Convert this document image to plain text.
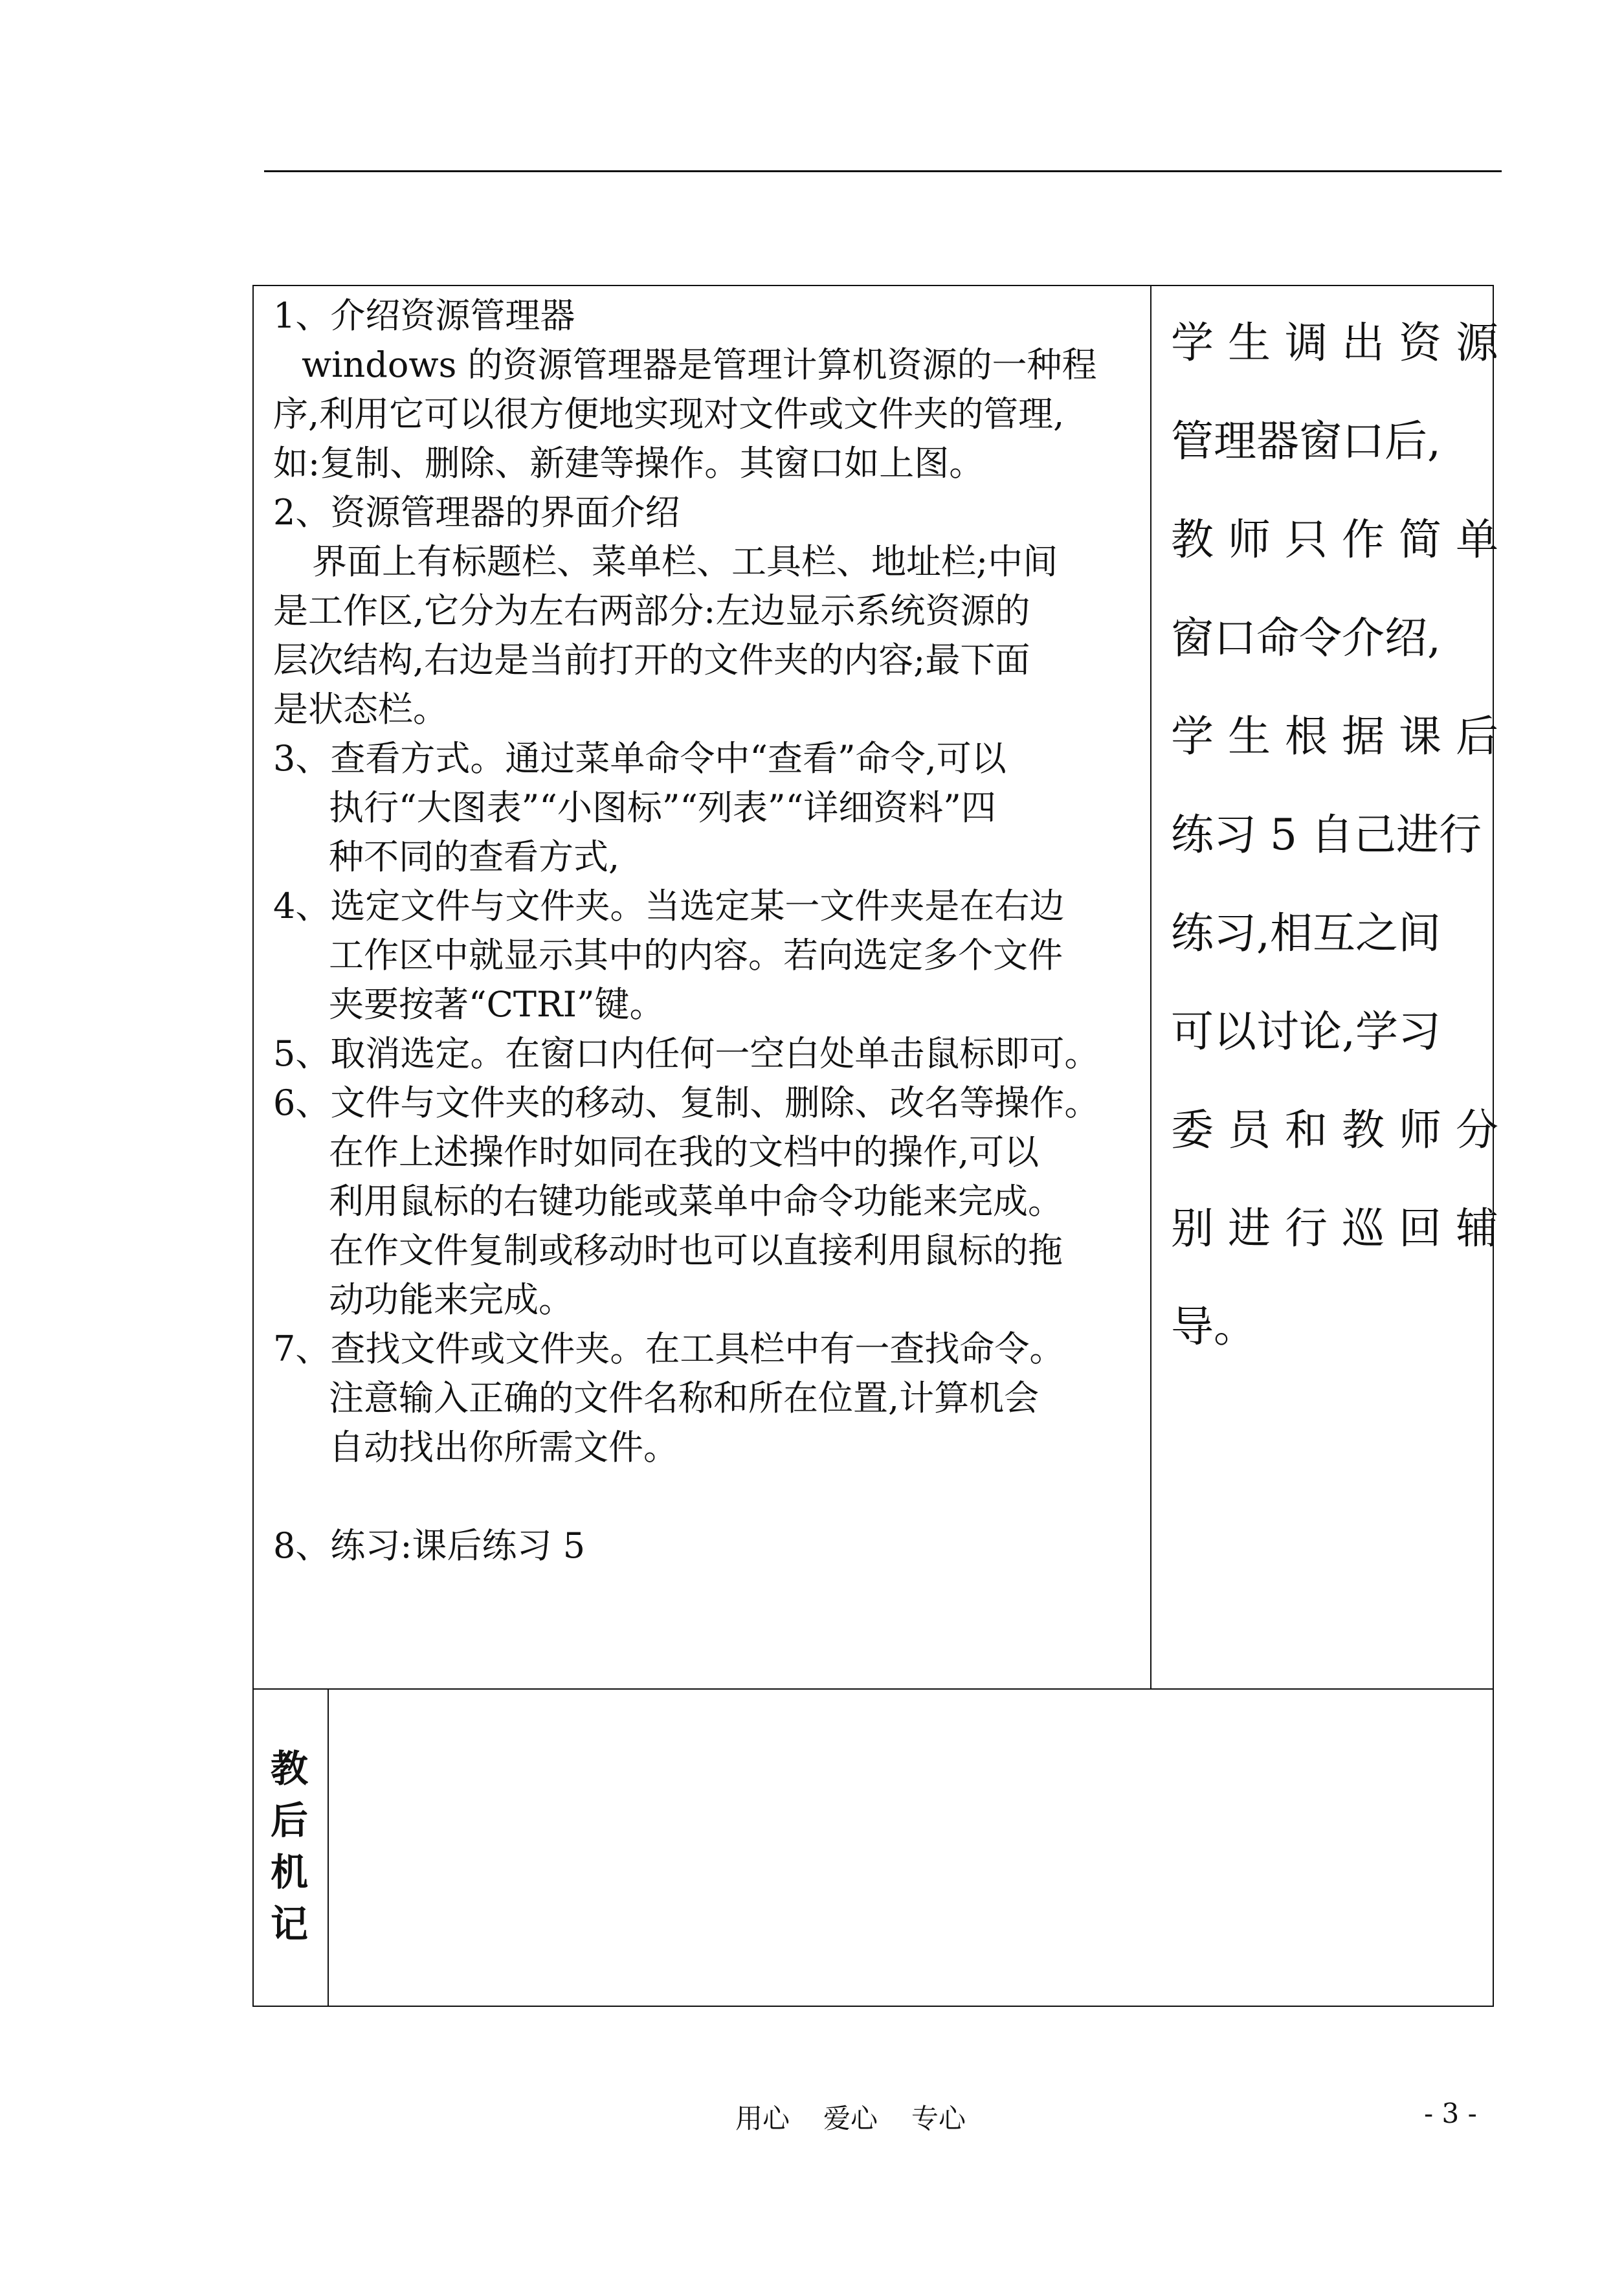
1、介绍资源管理器
windows 的资源管理器是管理计算机资源的一种程
序,利用它可以很方便地实现对文件或文件夹的管理,
如:复制、删除、新建等操作。其窗口如上图。
2、资源管理器的界面介绍
界面上有标题栏、菜单栏、工具栏、地址栏;中间
是工作区,它分为左右两部分:左边显示系统资源的
层次结构,右边是当前打开的文件夹的内容;最下面
是状态栏。
3、查看方式。通过菜单命令中“查看”命令,可以
执行“大图表”“小图标”“列表”“详细资料”四
种不同的查看方式,
4、选定文件与文件夹。当选定某一文件夹是在右边
工作区中就显示其中的内容。若向选定多个文件
夹要按著“CTRI”键。
5、取消选定。在窗口内任何一空白处单击鼠标即可。
6、文件与文件夹的移动、复制、删除、改名等操作。
在作上述操作时如同在我的文档中的操作,可以
利用鼠标的右键功能或菜单中命令功能来完成。
在作文件复制或移动时也可以直接利用鼠标的拖
动功能来完成。
7、查找文件或文件夹。在工具栏中有一查找命令。
注意输入正确的文件名称和所在位置,计算机会
自动找出你所需文件。
8、练习:课后练习 5
学生调出资源
管理器窗口后,
教师只作简单
窗口命令介绍,
学生根据课后
练习 5 自己进行
练习,相互之间
可以讨论,学习
委员和教师分
别进行巡回辅
导。
教
后
机
记
用心 爱心 专心	- 3 -
